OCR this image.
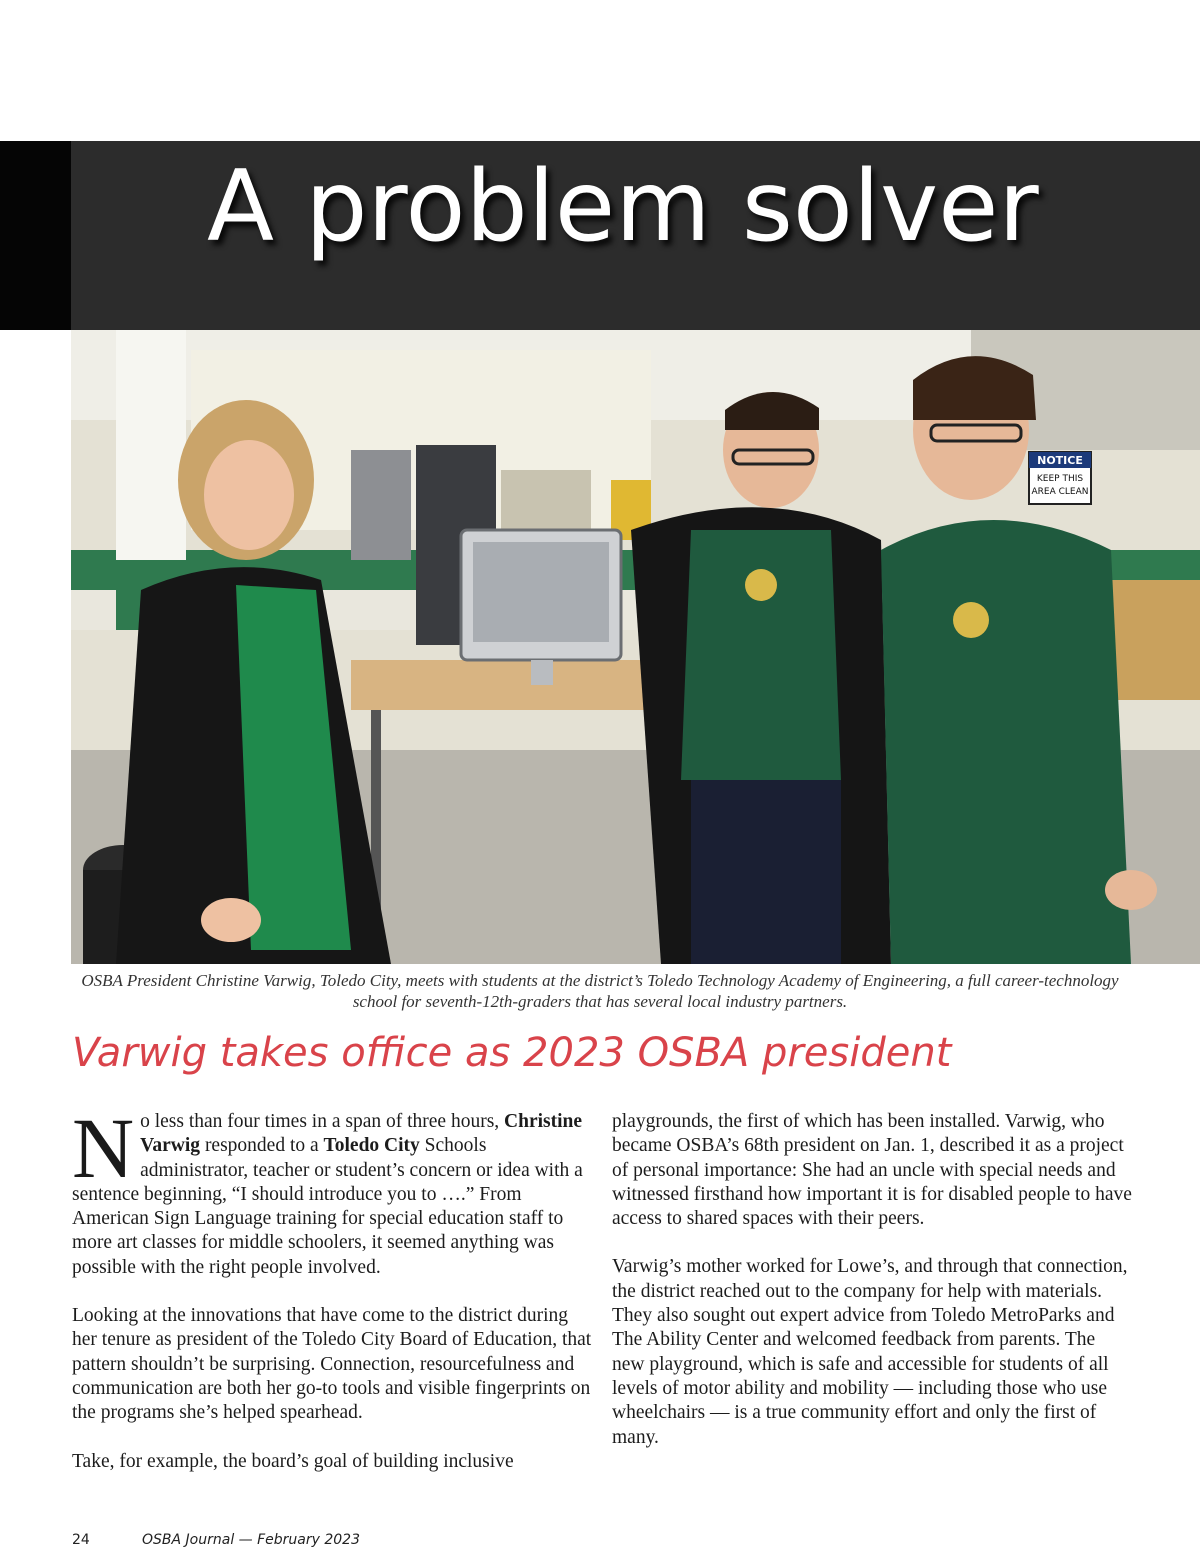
A problem solver
NOTICE
KEEP THIS
AREA CLEAN
OSBA President Christine Varwig, Toledo City, meets with students at the district’s Toledo Technology Academy of Engineering, a full career-technology school for seventh-12th-graders that has several local industry partners.
Varwig takes office as 2023 OSBA president

No less than four times in a span of three hours, Christine Varwig responded to a Toledo City Schools administrator, teacher or student’s concern or idea with a sentence beginning, “I should introduce you to ….” From American Sign Language training for special education staff to more art classes for middle schoolers, it seemed anything was possible with the right people involved.

Looking at the innovations that have come to the district during her tenure as president of the Toledo City Board of Education, that pattern shouldn’t be surprising. Connection, resourcefulness and communication are both her go-to tools and visible fingerprints on the programs she’s helped spearhead.

Take, for example, the board’s goal of building inclusive

playgrounds, the first of which has been installed. Varwig, who became OSBA’s 68th president on Jan. 1, described it as a project of personal importance: She had an uncle with special needs and witnessed firsthand how important it is for disabled people to have access to shared spaces with their peers.

Varwig’s mother worked for Lowe’s, and through that connection, the district reached out to the company for help with materials. They also sought out expert advice from Toledo MetroParks and The Ability Center and welcomed feedback from parents. The new playground, which is safe and accessible for students of all levels of motor ability and mobility — including those who use wheelchairs — is a true community effort and only the first of many.

24	OSBA Journal — February 2023
